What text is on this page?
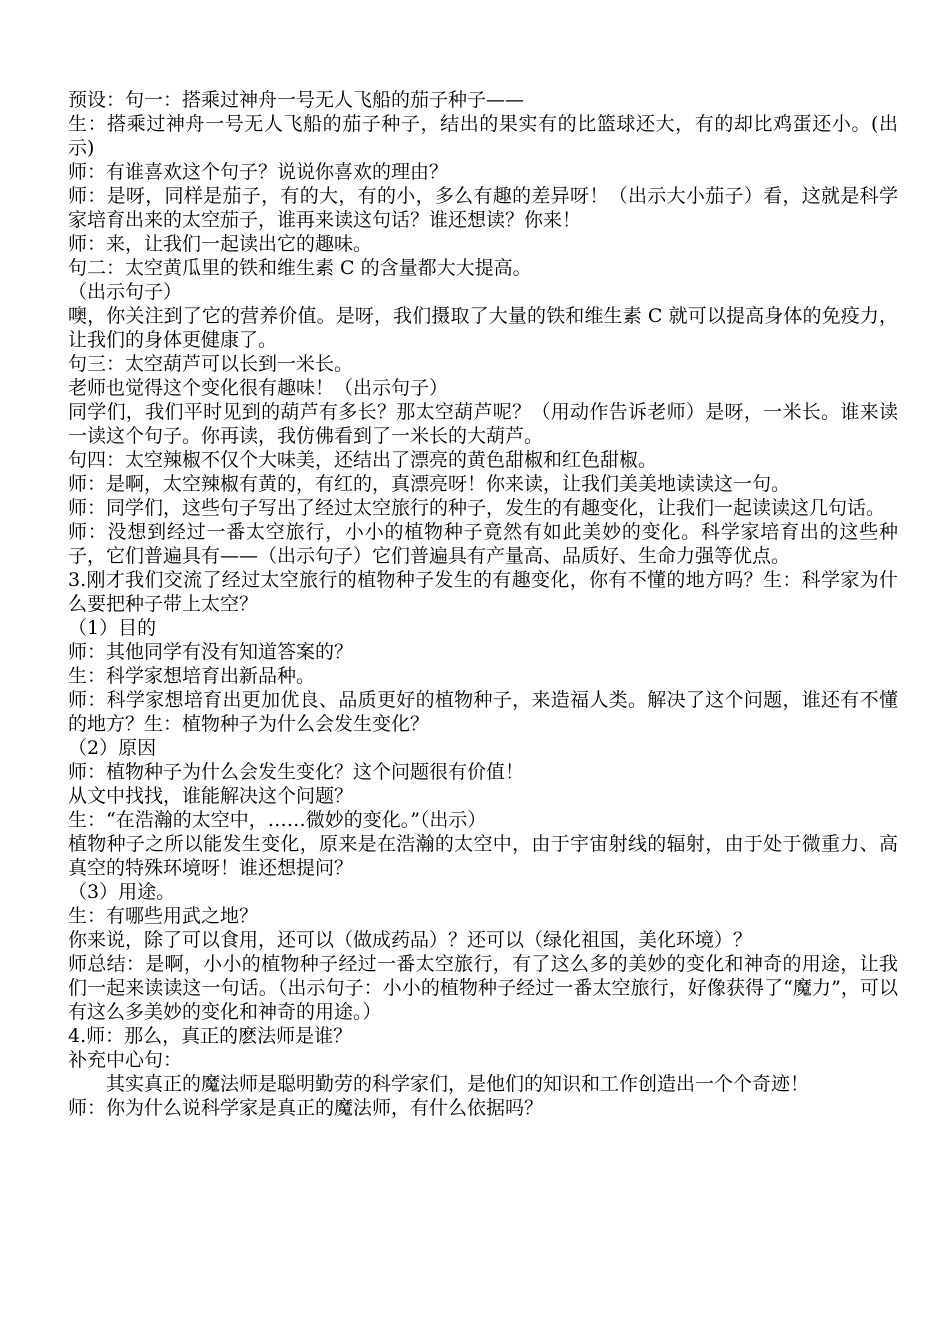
预设：句一：搭乘过神舟一号无人飞船的茄子种子——

生：搭乘过神舟一号无人飞船的茄子种子，结出的果实有的比篮球还大，有的却比鸡蛋还小。(出示)

师：有谁喜欢这个句子？说说你喜欢的理由？

师：是呀，同样是茄子，有的大，有的小，多么有趣的差异呀！（出示大小茄子）看，这就是科学家培育出来的太空茄子，谁再来读这句话？谁还想读？你来！

师：来，让我们一起读出它的趣味。

句二：太空黄瓜里的铁和维生素 C 的含量都大大提高。

（出示句子）

噢，你关注到了它的营养价值。是呀，我们摄取了大量的铁和维生素 C 就可以提高身体的免疫力，让我们的身体更健康了。

句三：太空葫芦可以长到一米长。

老师也觉得这个变化很有趣味！（出示句子）

同学们，我们平时见到的葫芦有多长？那太空葫芦呢？（用动作告诉老师）是呀，一米长。谁来读一读这个句子。你再读，我仿佛看到了一米长的大葫芦。

句四：太空辣椒不仅个大味美，还结出了漂亮的黄色甜椒和红色甜椒。

师：是啊，太空辣椒有黄的，有红的，真漂亮呀！你来读，让我们美美地读读这一句。

师：同学们，这些句子写出了经过太空旅行的种子，发生的有趣变化，让我们一起读读这几句话。

师：没想到经过一番太空旅行，小小的植物种子竟然有如此美妙的变化。科学家培育出的这些种子，它们普遍具有——（出示句子）它们普遍具有产量高、品质好、生命力强等优点。

3.刚才我们交流了经过太空旅行的植物种子发生的有趣变化，你有不懂的地方吗？生：科学家为什么要把种子带上太空？

（1）目的

师：其他同学有没有知道答案的？

生：科学家想培育出新品种。

师：科学家想培育出更加优良、品质更好的植物种子，来造福人类。解决了这个问题，谁还有不懂的地方？生：植物种子为什么会发生变化？

（2）原因

师：植物种子为什么会发生变化？这个问题很有价值！

从文中找找，谁能解决这个问题？

生：“在浩瀚的太空中，……微妙的变化。”（出示）

植物种子之所以能发生变化，原来是在浩瀚的太空中，由于宇宙射线的辐射，由于处于微重力、高真空的特殊环境呀！谁还想提问？

（3）用途。

生：有哪些用武之地？

你来说，除了可以食用，还可以（做成药品）？还可以（绿化祖国，美化环境）？

师总结：是啊，小小的植物种子经过一番太空旅行，有了这么多的美妙的变化和神奇的用途，让我们一起来读读这一句话。（出示句子：小小的植物种子经过一番太空旅行，好像获得了“魔力”，可以有这么多美妙的变化和神奇的用途。）

4.师：那么，真正的麽法师是谁？

补充中心句：

其实真正的魔法师是聪明勤劳的科学家们，是他们的知识和工作创造出一个个奇迹！

师：你为什么说科学家是真正的魔法师，有什么依据吗？
